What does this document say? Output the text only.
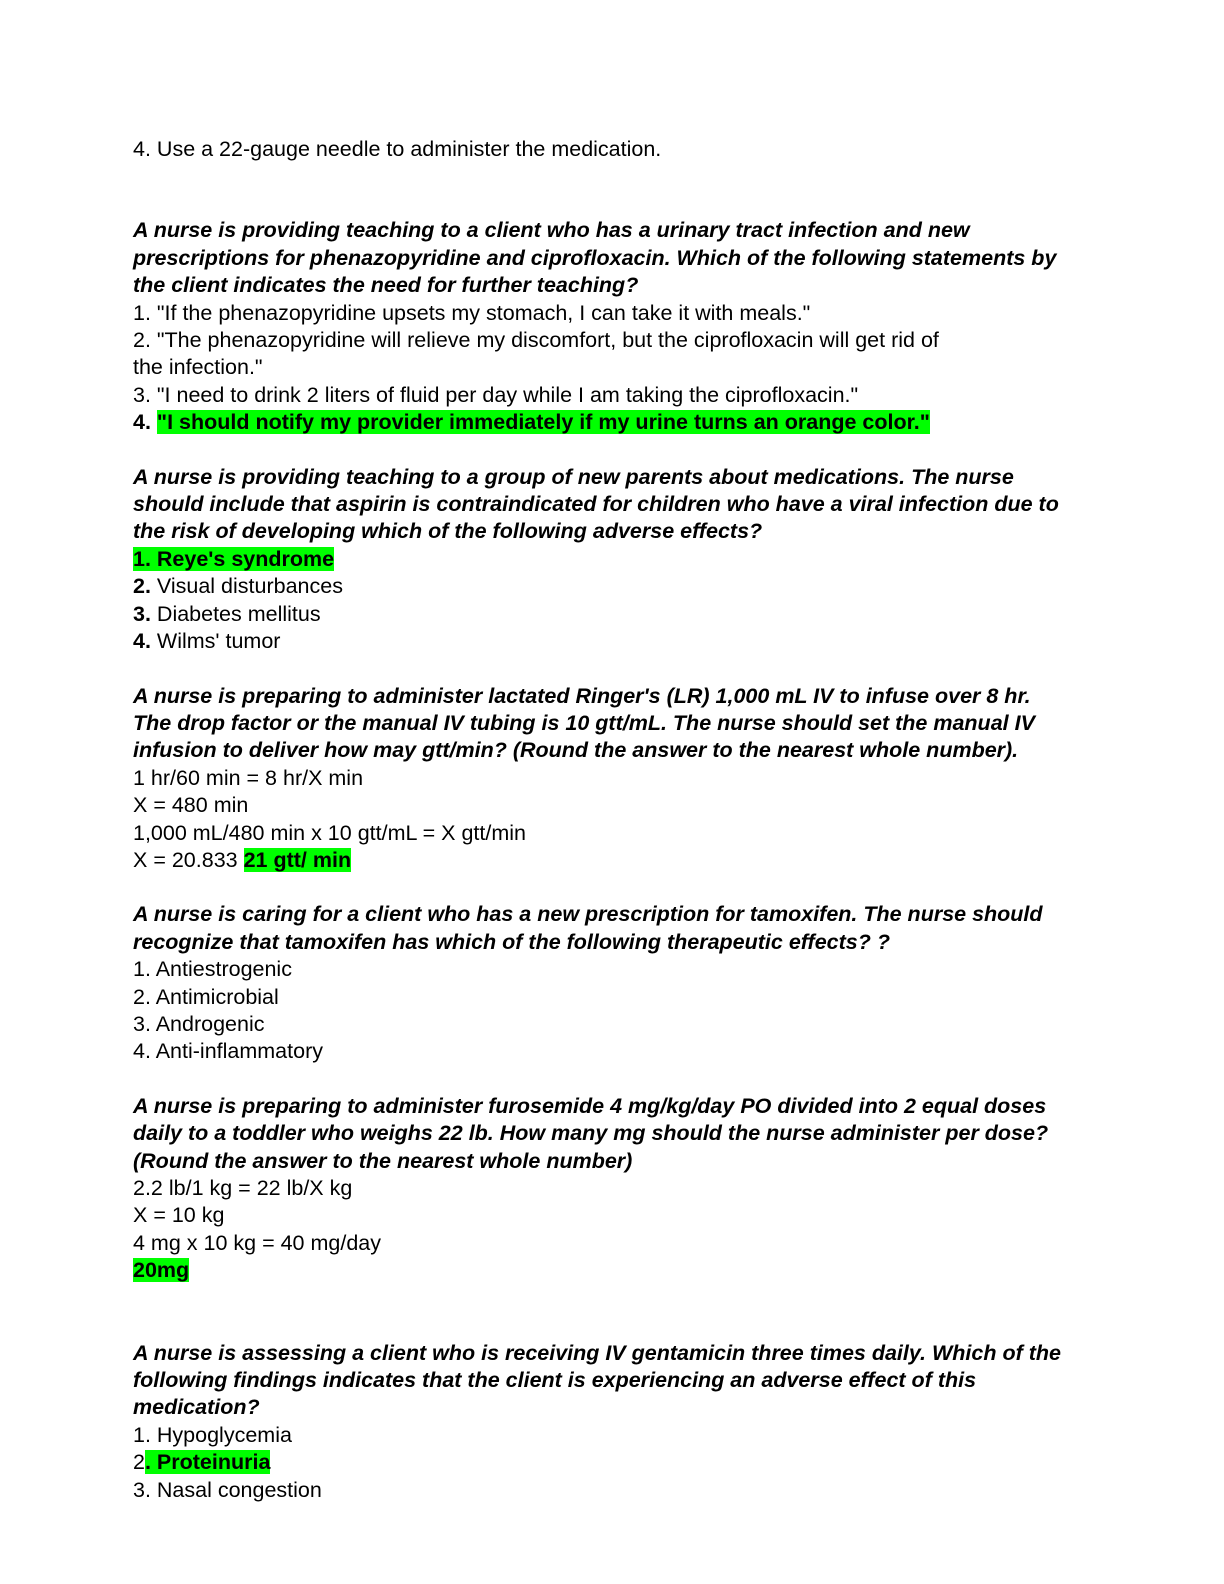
4. Use a 22-gauge needle to administer the medication.
A nurse is providing teaching to a client who has a urinary tract infection and new prescriptions for phenazopyridine and ciprofloxacin. Which of the following statements by the client indicates the need for further teaching?
1. "If the phenazopyridine upsets my stomach, I can take it with meals."
2. "The phenazopyridine will relieve my discomfort, but the ciprofloxacin will get rid of
the infection."
3. "I need to drink 2 liters of fluid per day while I am taking the ciprofloxacin."
4. "I should notify my provider immediately if my urine turns an orange color."
A nurse is providing teaching to a group of new parents about medications. The nurse should include that aspirin is contraindicated for children who have a viral infection due to the risk of developing which of the following adverse effects?
1. Reye's syndrome
2. Visual disturbances
3. Diabetes mellitus
4. Wilms' tumor
A nurse is preparing to administer lactated Ringer's (LR) 1,000 mL IV to infuse over 8 hr. The drop factor or the manual IV tubing is 10 gtt/mL. The nurse should set the manual IV infusion to deliver how may gtt/min? (Round the answer to the nearest whole number).
1 hr/60 min = 8 hr/X min
X = 480 min
1,000 mL/480 min x 10 gtt/mL = X gtt/min
X = 20.833 21 gtt/ min
A nurse is caring for a client who has a new prescription for tamoxifen. The nurse should recognize that tamoxifen has which of the following therapeutic effects? ?
1. Antiestrogenic
2. Antimicrobial
3. Androgenic
4. Anti-inflammatory
A nurse is preparing to administer furosemide 4 mg/kg/day PO divided into 2 equal doses daily to a toddler who weighs 22 lb. How many mg should the nurse administer per dose? (Round the answer to the nearest whole number)
2.2 lb/1 kg = 22 lb/X kg
X = 10 kg
4 mg x 10 kg = 40 mg/day
20mg
A nurse is assessing a client who is receiving IV gentamicin three times daily. Which of the following findings indicates that the client is experiencing an adverse effect of this medication?
1. Hypoglycemia
2. Proteinuria
3. Nasal congestion
